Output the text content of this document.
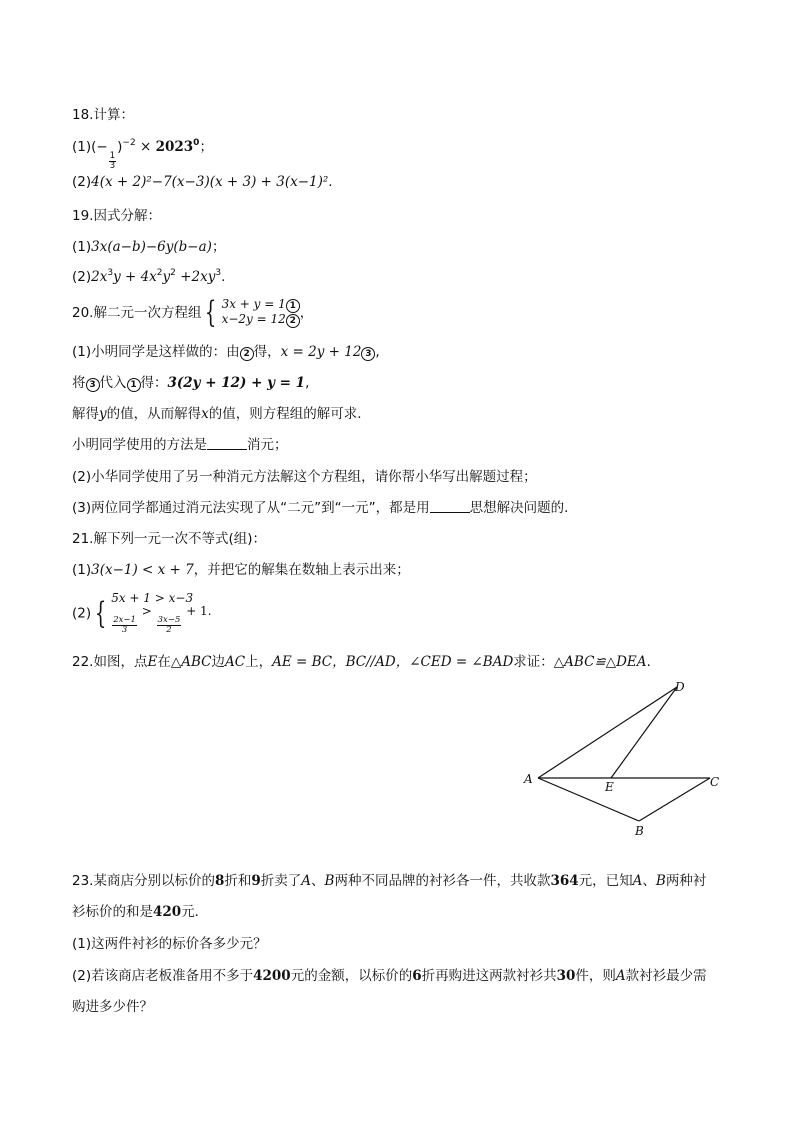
18.计算：
(1)(−
$\frac{1}{3}$
)$^{-2} \times 2023^0$；
(2)4(x + 2)²−7(x−3)(x + 3) + 3(x−1)².
19.因式分解：
(1)3x(a−b)−6y(b−a)；
$(2)2x^3y + 4x^2y^2 +2xy^3$.
20.解二元一次方程组 { 3x + y = 1 1
x−2y = 12 2 ，
(1)小明同学是这样做的：由 2 得，x = 2y + 12 3 ,
将 3 代入 1 得：3(2y + 12) + y = 1,
解得y的值，从而解得x的值，则方程组的解可求．
小明同学使用的方法是	消元；
(2)小华同学使用了另一种消元方法解这个方程组，请你帮小华写出解题过程；
(3)两位同学都通过消元法实现了从“二元”到“一元”，都是用	思想解决问题的．
21.解下列一元一次不等式(组)：
(1)3(x−1) < x + 7，并把它的解集在数轴上表示出来；
(2) { 5x + 1 > x−3
$\frac{2x-1}{3}$
>
$\frac{3x-5}{2}$
+ 1.
22.如图，点E在△ABC边AC上，AE = BC，BC//AD，∠CED = ∠BAD求证：△ABC≌△DEA.
A
B
C
D
E
23.某商店分别以标价的8折和9折卖了A、B两种不同品牌的衬衫各一件，共收款364元，已知A、B两种衬
衫标价的和是420元．
(1)这两件衬衫的标价各多少元？
(2)若该商店老板准备用不多于4200元的金额，以标价的6折再购进这两款衬衫共30件，则A款衬衫最少需
购进多少件？
